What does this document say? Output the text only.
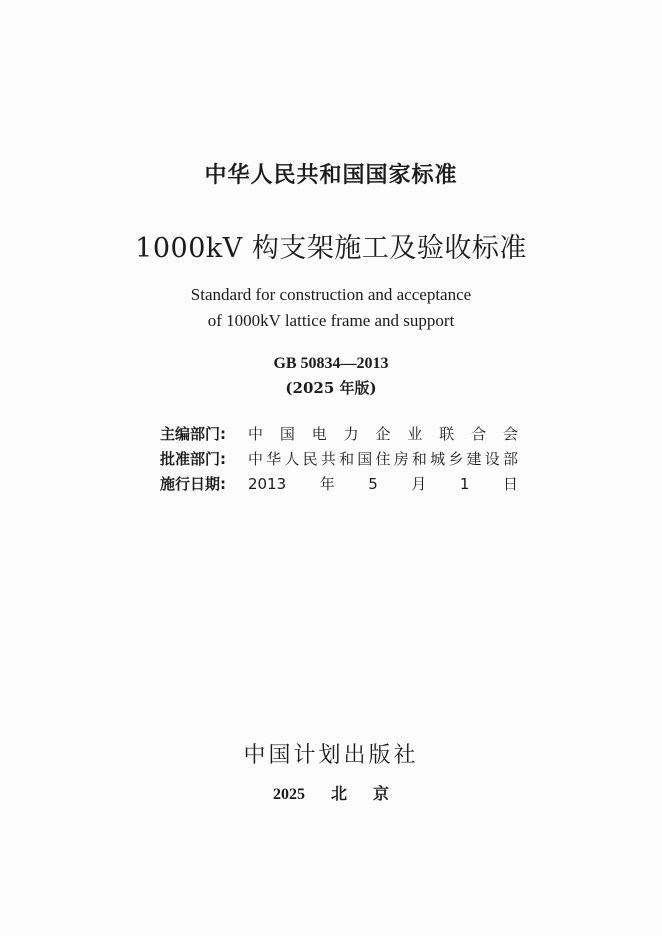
中华人民共和国国家标准
1000kV 构支架施工及验收标准
Standard for construction and acceptance
of 1000kV lattice frame and support
GB 50834—2013
(2025 年版)
主编部门:	中国电力企业联合会
批准部门:	中华人民共和国住房和城乡建设部
施行日期:	2013年5月1日
中国计划出版社
2025 北 京
